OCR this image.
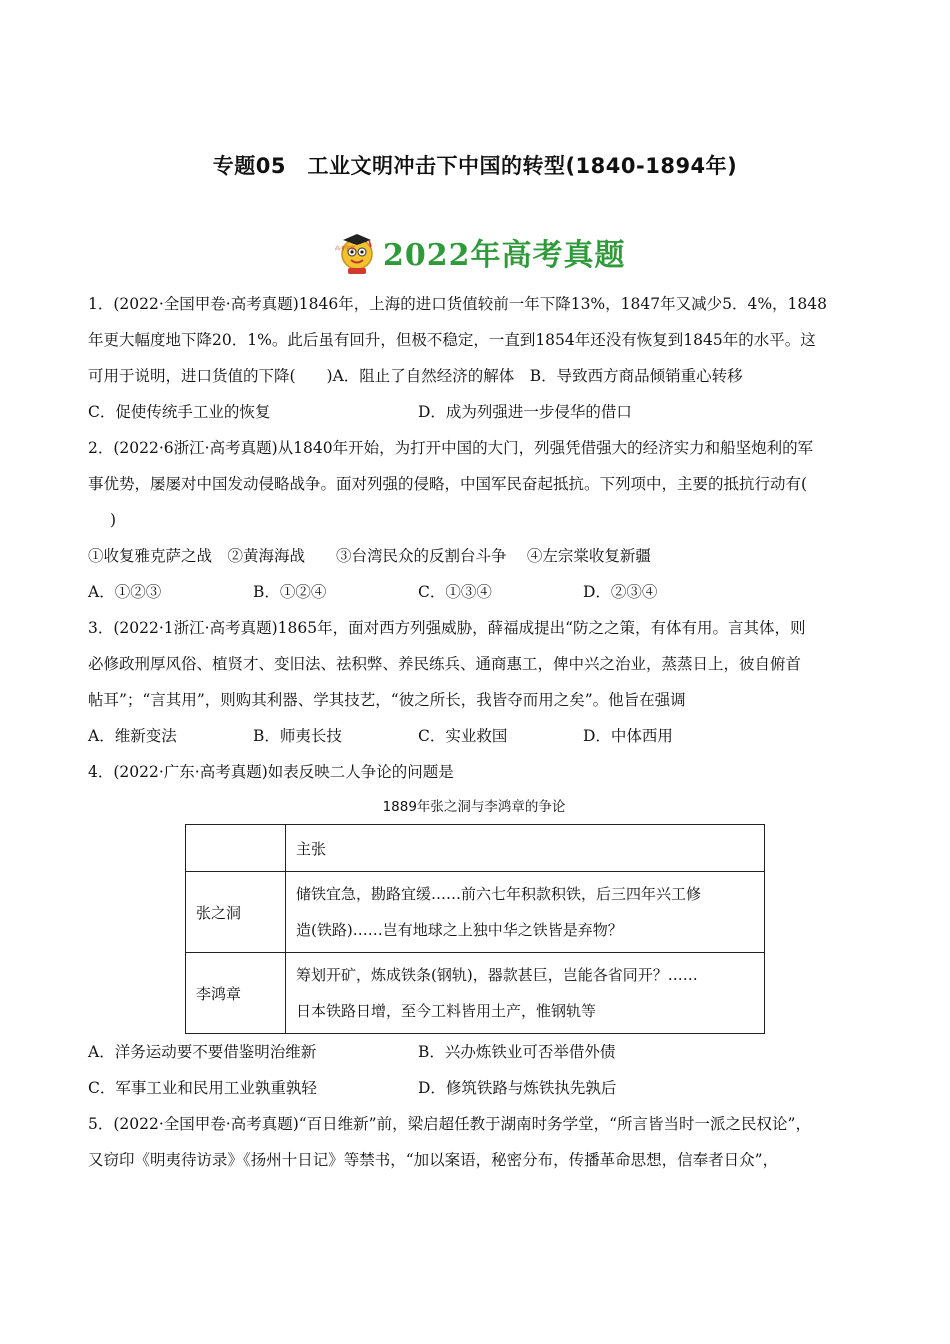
专题05　工业文明冲击下中国的转型(1840-1894年)
高考学案 2022年高考真题
1．(2022·全国甲卷·高考真题)1846年，上海的进口货值较前一年下降13%，1847年又减少5．4%，1848
年更大幅度地下降20．1%。此后虽有回升，但极不稳定，一直到1854年还没有恢复到1845年的水平。这
可用于说明，进口货值的下降(　　)A．阻止了自然经济的解体　B．导致西方商品倾销重心转移
C．促使传统手工业的恢复	D．成为列强进一步侵华的借口
2．(2022·6浙江·高考真题)从1840年开始，为打开中国的大门，列强凭借强大的经济实力和船坚炮利的军
事优势，屡屡对中国发动侵略战争。面对列强的侵略，中国军民奋起抵抗。下列项中，主要的抵抗行动有(
)
①收复雅克萨之战　②黄海海战　　③台湾民众的反割台斗争　 ④左宗棠收复新疆
A．①②③	B．①②④	C．①③④	D．②③④
3．(2022·1浙江·高考真题)1865年，面对西方列强威胁，薛福成提出“防之之策，有体有用。言其体，则
必修政刑厚风俗、植贤才、变旧法、祛积弊、养民练兵、通商惠工，俾中兴之治业，蒸蒸日上，彼自俯首
帖耳”；“言其用”，则购其利器、学其技艺，“彼之所长，我皆夺而用之矣”。他旨在强调
A．维新变法	B．师夷长技	C．实业救国	D．中体西用
4．(2022·广东·高考真题)如表反映二人争论的问题是
1889年张之洞与李鸿章的争论
	主张
张之洞	储铁宜急，勘路宜缓……前六七年积款积铁，后三四年兴工修
造(铁路)……岂有地球之上独中华之铁皆是弃物？

李鸿章	筹划开矿，炼成铁条(钢轨)，器款甚巨，岂能各省同开？……
日本铁路日增，至今工料皆用土产，惟钢轨等
A．洋务运动要不要借鉴明治维新	B．兴办炼铁业可否举借外债
C．军事工业和民用工业孰重孰轻	D．修筑铁路与炼铁执先孰后
5．(2022·全国甲卷·高考真题)“百日维新”前，梁启超任教于湖南时务学堂，“所言皆当时一派之民权论”，
又窃印《明夷待访录》《扬州十日记》等禁书，“加以案语，秘密分布，传播革命思想，信奉者日众”，
